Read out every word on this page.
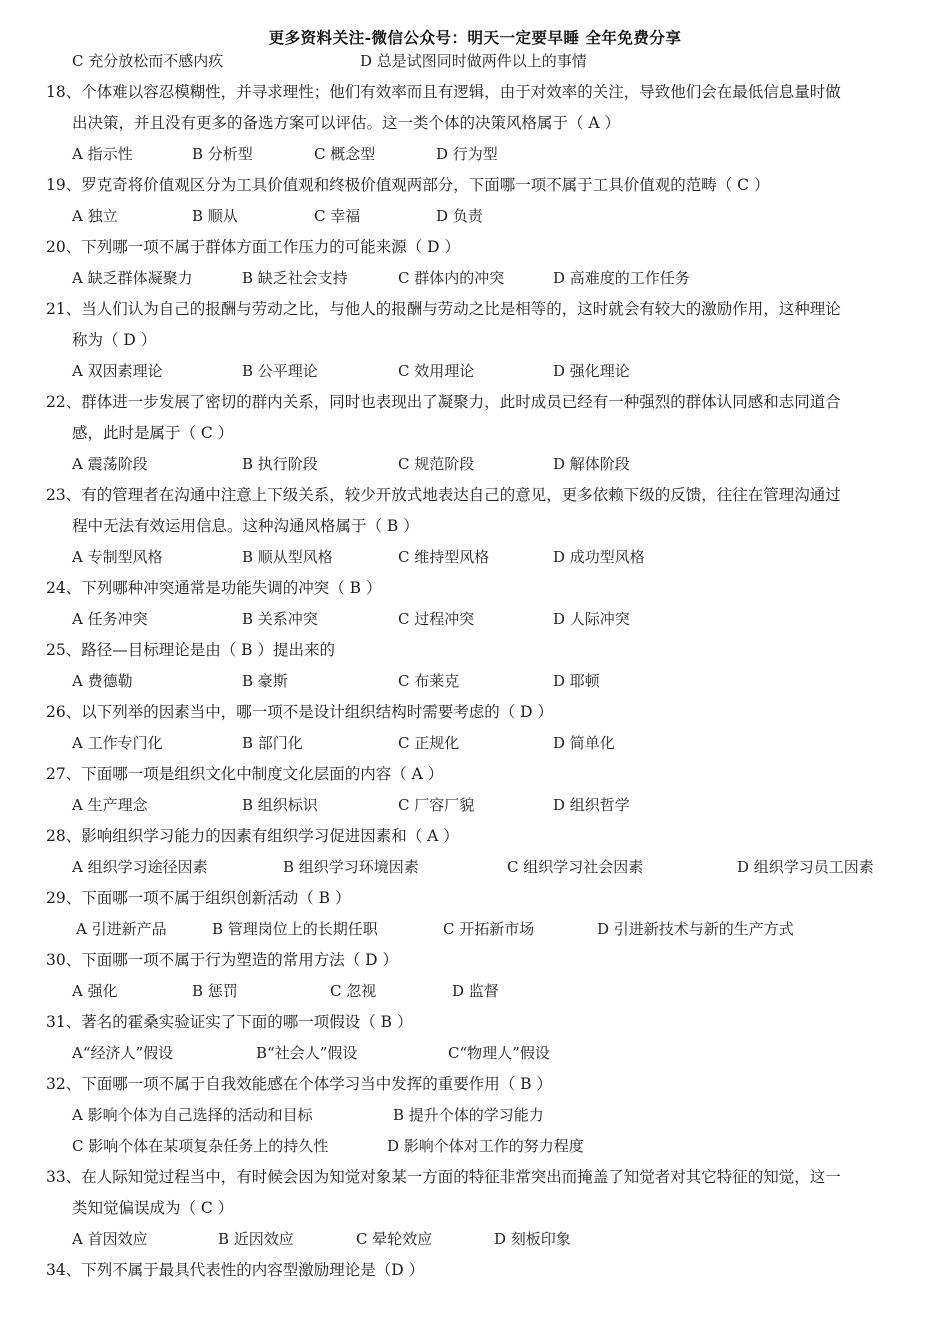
更多资料关注-微信公众号：明天一定要早睡 全年免费分享
C 充分放松而不感内疚	D 总是试图同时做两件以上的事情
18、个体难以容忍模糊性，并寻求理性；他们有效率而且有逻辑，由于对效率的关注，导致他们会在最低信息量时做
出决策，并且没有更多的备选方案可以评估。这一类个体的决策风格属于（ A ）
A 指示性	B 分析型	C 概念型	D 行为型
19、罗克奇将价值观区分为工具价值观和终极价值观两部分，下面哪一项不属于工具价值观的范畴（ C ）
A 独立	B 顺从	C 幸福	D 负责
20、下列哪一项不属于群体方面工作压力的可能来源（ D ）
A 缺乏群体凝聚力	B 缺乏社会支持	C 群体内的冲突	D 高难度的工作任务
21、当人们认为自己的报酬与劳动之比，与他人的报酬与劳动之比是相等的，这时就会有较大的激励作用，这种理论
称为（ D ）
A 双因素理论	B 公平理论	C 效用理论	D 强化理论
22、群体进一步发展了密切的群内关系，同时也表现出了凝聚力，此时成员已经有一种强烈的群体认同感和志同道合
感，此时是属于（ C ）
A 震荡阶段	B 执行阶段	C 规范阶段	D 解体阶段
23、有的管理者在沟通中注意上下级关系，较少开放式地表达自己的意见，更多依赖下级的反馈，往往在管理沟通过
程中无法有效运用信息。这种沟通风格属于（ B ）
A 专制型风格	B 顺从型风格	C 维持型风格	D 成功型风格
24、下列哪种冲突通常是功能失调的冲突（ B ）
A 任务冲突	B 关系冲突	C 过程冲突	D 人际冲突
25、路径—目标理论是由（ B ）提出来的
A 费德勒	B 豪斯	C 布莱克	D 耶顿
26、以下列举的因素当中，哪一项不是设计组织结构时需要考虑的（ D ）
A 工作专门化	B 部门化	C 正规化	D 简单化
27、下面哪一项是组织文化中制度文化层面的内容（ A ）
A 生产理念	B 组织标识	C 厂容厂貌	D 组织哲学
28、影响组织学习能力的因素有组织学习促进因素和（ A ）
A 组织学习途径因素	B 组织学习环境因素	C 组织学习社会因素	D 组织学习员工因素
29、下面哪一项不属于组织创新活动（ B ）
A 引进新产品	B 管理岗位上的长期任职	C 开拓新市场	D 引进新技术与新的生产方式
30、下面哪一项不属于行为塑造的常用方法（ D ）
A 强化	B 惩罚	C 忽视	D 监督
31、著名的霍桑实验证实了下面的哪一项假设（ B ）
A“经济人”假设	B“社会人”假设	C“物理人”假设
32、下面哪一项不属于自我效能感在个体学习当中发挥的重要作用（ B ）
A 影响个体为自己选择的活动和目标	B 提升个体的学习能力
C 影响个体在某项复杂任务上的持久性	D 影响个体对工作的努力程度
33、在人际知觉过程当中，有时候会因为知觉对象某一方面的特征非常突出而掩盖了知觉者对其它特征的知觉，这一
类知觉偏误成为（ C ）
A 首因效应	B 近因效应	C 晕轮效应	D 刻板印象
34、下列不属于最具代表性的内容型激励理论是（D ）
